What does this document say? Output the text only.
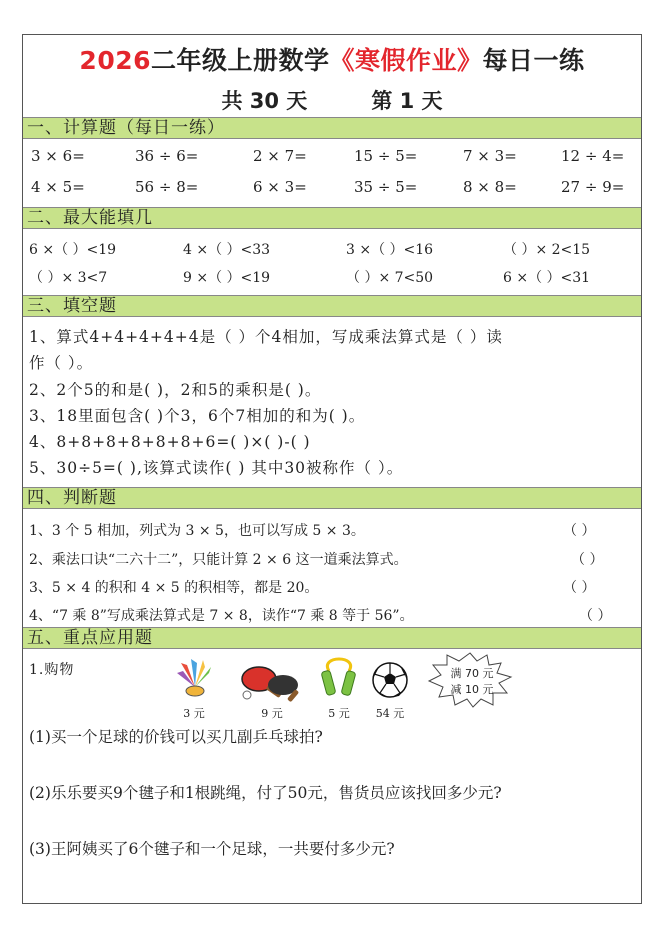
2026二年级上册数学《寒假作业》每日一练
共 30 天	第 1 天
一、计算题（每日一练）
3 × 6=	36 ÷ 6=	2 × 7=	15 ÷ 5=	7 × 3=	12 ÷ 4=
4 × 5=	56 ÷ 8=	6 × 3=	35 ÷ 5=	8 × 8=	27 ÷ 9=
二、最大能填几
6 ×（ ）<19	4 ×（ ）<33	3 ×（ ）<16	（ ）× 2<15
（ ）× 3<7	9 ×（ ）<19	（ ）× 7<50	6 ×（ ）<31
三、填空题
1、算式4+4+4+4+4是（ ）个4相加，写成乘法算式是（ ）读
作（ ）。
2、2个5的和是( )，2和5的乘积是( )。
3、18里面包含( )个3，6个7相加的和为( )。
4、8+8+8+8+8+8+6=( )×( )-( )
5、30÷5=( ),该算式读作( ) 其中30被称作（ ）。
四、判断题
1、3 个 5 相加，列式为 3 × 5，也可以写成 5 × 3。	（ ）
2、乘法口诀“二六十二”，只能计算 2 × 6 这一道乘法算式。	（ ）
3、5 × 4 的积和 4 × 5 的积相等，都是 20。	（ ）
4、“7 乘 8”写成乘法算式是 7 × 8，读作“7 乘 8 等于 56”。	（ ）
五、重点应用题
1.购物
3 元	9 元	5 元	54 元
满 70 元
减 10 元
(1)买一个足球的价钱可以买几副乒乓球拍?
(2)乐乐要买9个毽子和1根跳绳，付了50元，售货员应该找回多少元?
(3)王阿姨买了6个毽子和一个足球，一共要付多少元?
